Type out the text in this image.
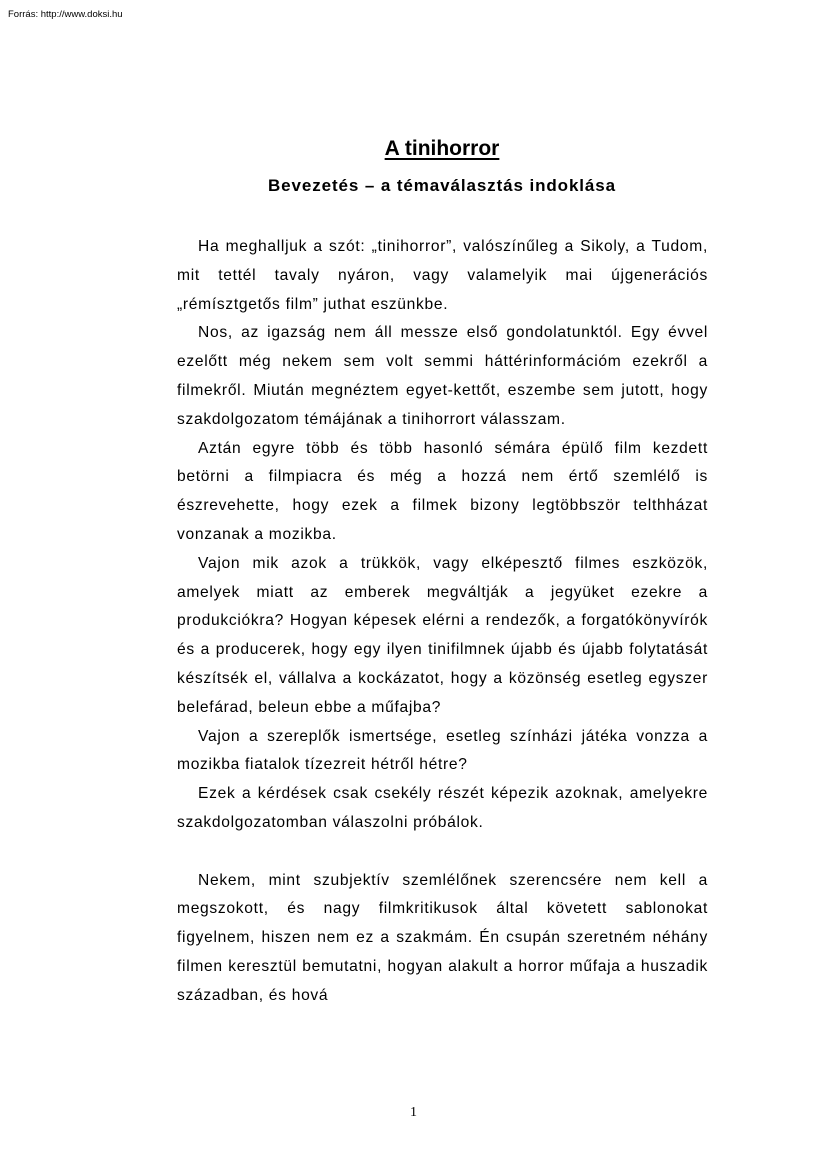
Forrás: http://www.doksi.hu
A tinihorror
Bevezetés – a témaválasztás indoklása

Ha meghalljuk a szót: „tinihorror”, valószínűleg a Sikoly, a Tudom, mit tettél tavaly nyáron, vagy valamelyik mai újgenerációs „rémísztgetős film” juthat eszünkbe.

Nos, az igazság nem áll messze első gondolatunktól. Egy évvel ezelőtt még nekem sem volt semmi háttérinformációm ezekről a filmekről. Miután megnéztem egyet-kettőt, eszembe sem jutott, hogy szakdolgozatom témájának a tinihorrort válasszam.

Aztán egyre több és több hasonló sémára épülő film kezdett betörni a filmpiacra és még a hozzá nem értő szemlélő is észrevehette, hogy ezek a filmek bizony legtöbbször telthházat vonzanak a mozikba.

Vajon mik azok a trükkök, vagy elképesztő filmes eszközök, amelyek miatt az emberek megváltják a jegyüket ezekre a produkciókra? Hogyan képesek elérni a rendezők, a forgatókönyvírók és a producerek, hogy egy ilyen tinifilmnek újabb és újabb folytatását készítsék el, vállalva a kockázatot, hogy a közönség esetleg egyszer belefárad, beleun ebbe a műfajba?

Vajon a szereplők ismertsége, esetleg színházi játéka vonzza a mozikba fiatalok tízezreit hétről hétre?

Ezek a kérdések csak csekély részét képezik azoknak, amelyekre szakdolgozatomban válaszolni próbálok.

Nekem, mint szubjektív szemlélőnek szerencsére nem kell a megszokott, és nagy filmkritikusok által követett sablonokat figyelnem, hiszen nem ez a szakmám. Én csupán szeretném néhány filmen keresztül bemutatni, hogyan alakult a horror műfaja a huszadik században, és hová

1
